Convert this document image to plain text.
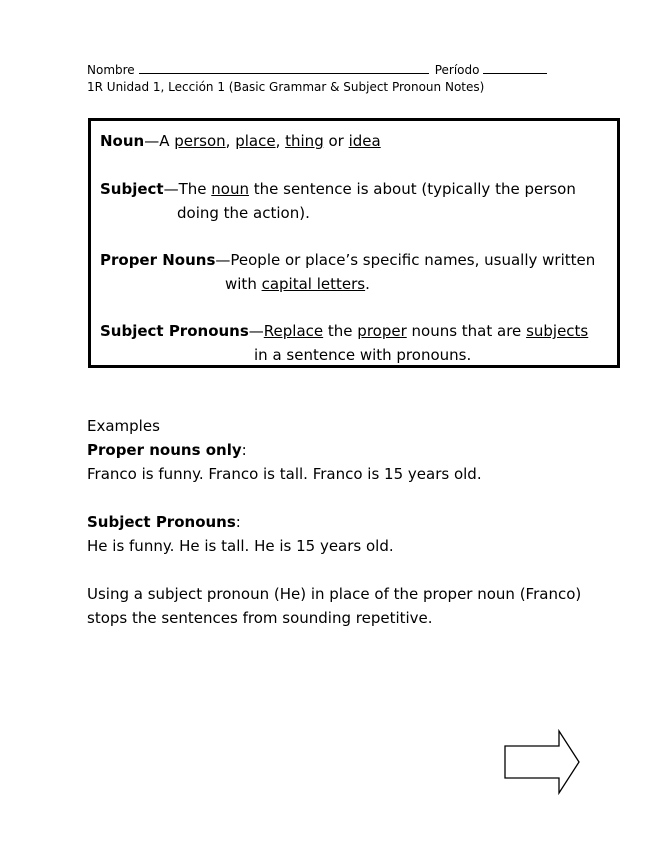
Nombre	Período
1R Unidad 1, Lección 1 (Basic Grammar & Subject Pronoun Notes)
Noun—A person, place, thing or idea
Subject—The noun the sentence is about (typically the person
doing the action).
Proper Nouns—People or place’s specific names, usually written
with capital letters.
Subject Pronouns—Replace the proper nouns that are subjects
in a sentence with pronouns.

Examples

Proper nouns only:

Franco is funny. Franco is tall. Franco is 15 years old.

Subject Pronouns:

He is funny. He is tall. He is 15 years old.

Using a subject pronoun (He) in place of the proper noun (Franco)

stops the sentences from sounding repetitive.
